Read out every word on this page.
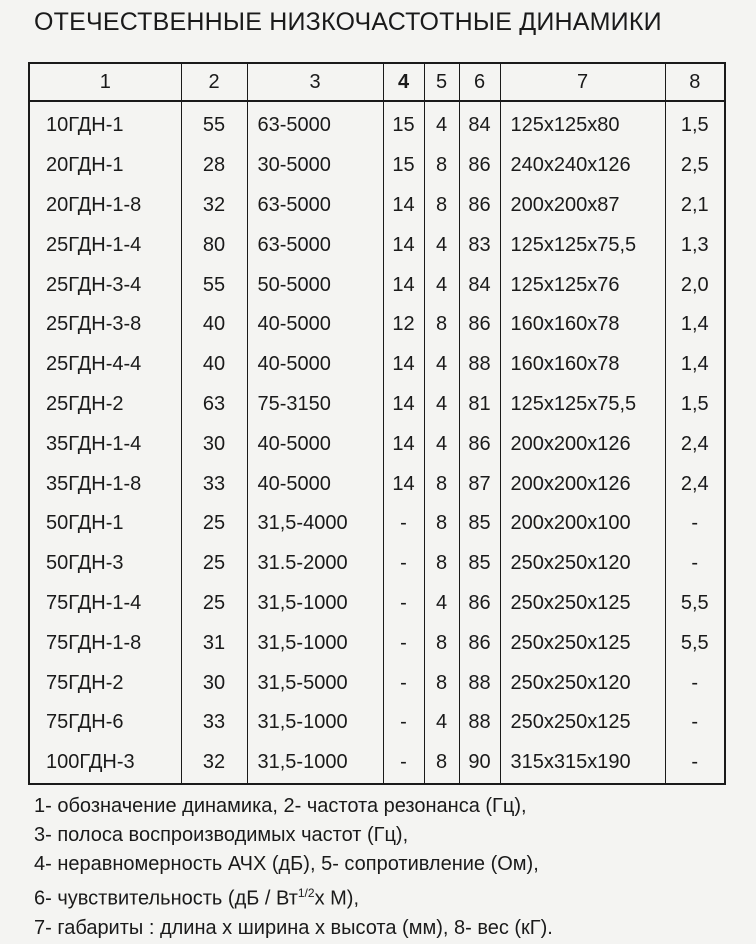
ОТЕЧЕСТВЕННЫЕ НИЗКОЧАСТОТНЫЕ ДИНАМИКИ
1	2	3	4	5	6	7	8
10ГДН-1	55	63-5000	15	4	84	125х125х80	1,5
20ГДН-1	28	30-5000	15	8	86	240х240х126	2,5
20ГДН-1-8	32	63-5000	14	8	86	200х200х87	2,1
25ГДН-1-4	80	63-5000	14	4	83	125х125х75,5	1,3
25ГДН-3-4	55	50-5000	14	4	84	125х125х76	2,0
25ГДН-3-8	40	40-5000	12	8	86	160х160х78	1,4
25ГДН-4-4	40	40-5000	14	4	88	160х160х78	1,4
25ГДН-2	63	75-3150	14	4	81	125х125х75,5	1,5
35ГДН-1-4	30	40-5000	14	4	86	200х200х126	2,4
35ГДН-1-8	33	40-5000	14	8	87	200х200х126	2,4
50ГДН-1	25	31,5-4000	-	8	85	200х200х100	-
50ГДН-3	25	31.5-2000	-	8	85	250х250х120	-
75ГДН-1-4	25	31,5-1000	-	4	86	250х250х125	5,5
75ГДН-1-8	31	31,5-1000	-	8	86	250х250х125	5,5
75ГДН-2	30	31,5-5000	-	8	88	250х250х120	-
75ГДН-6	33	31,5-1000	-	4	88	250х250х125	-
100ГДН-3	32	31,5-1000	-	8	90	315х315х190	-
1- обозначение динамика, 2- частота резонанса (Гц),
3- полоса воспроизводимых частот (Гц),
4- неравномерность АЧХ (дБ), 5- сопротивление (Ом),
6- чувствительность ($дБ / Вт^{1/2}х$ М),
7- габариты : длина х ширина х высота (мм), 8- вес (кГ).
